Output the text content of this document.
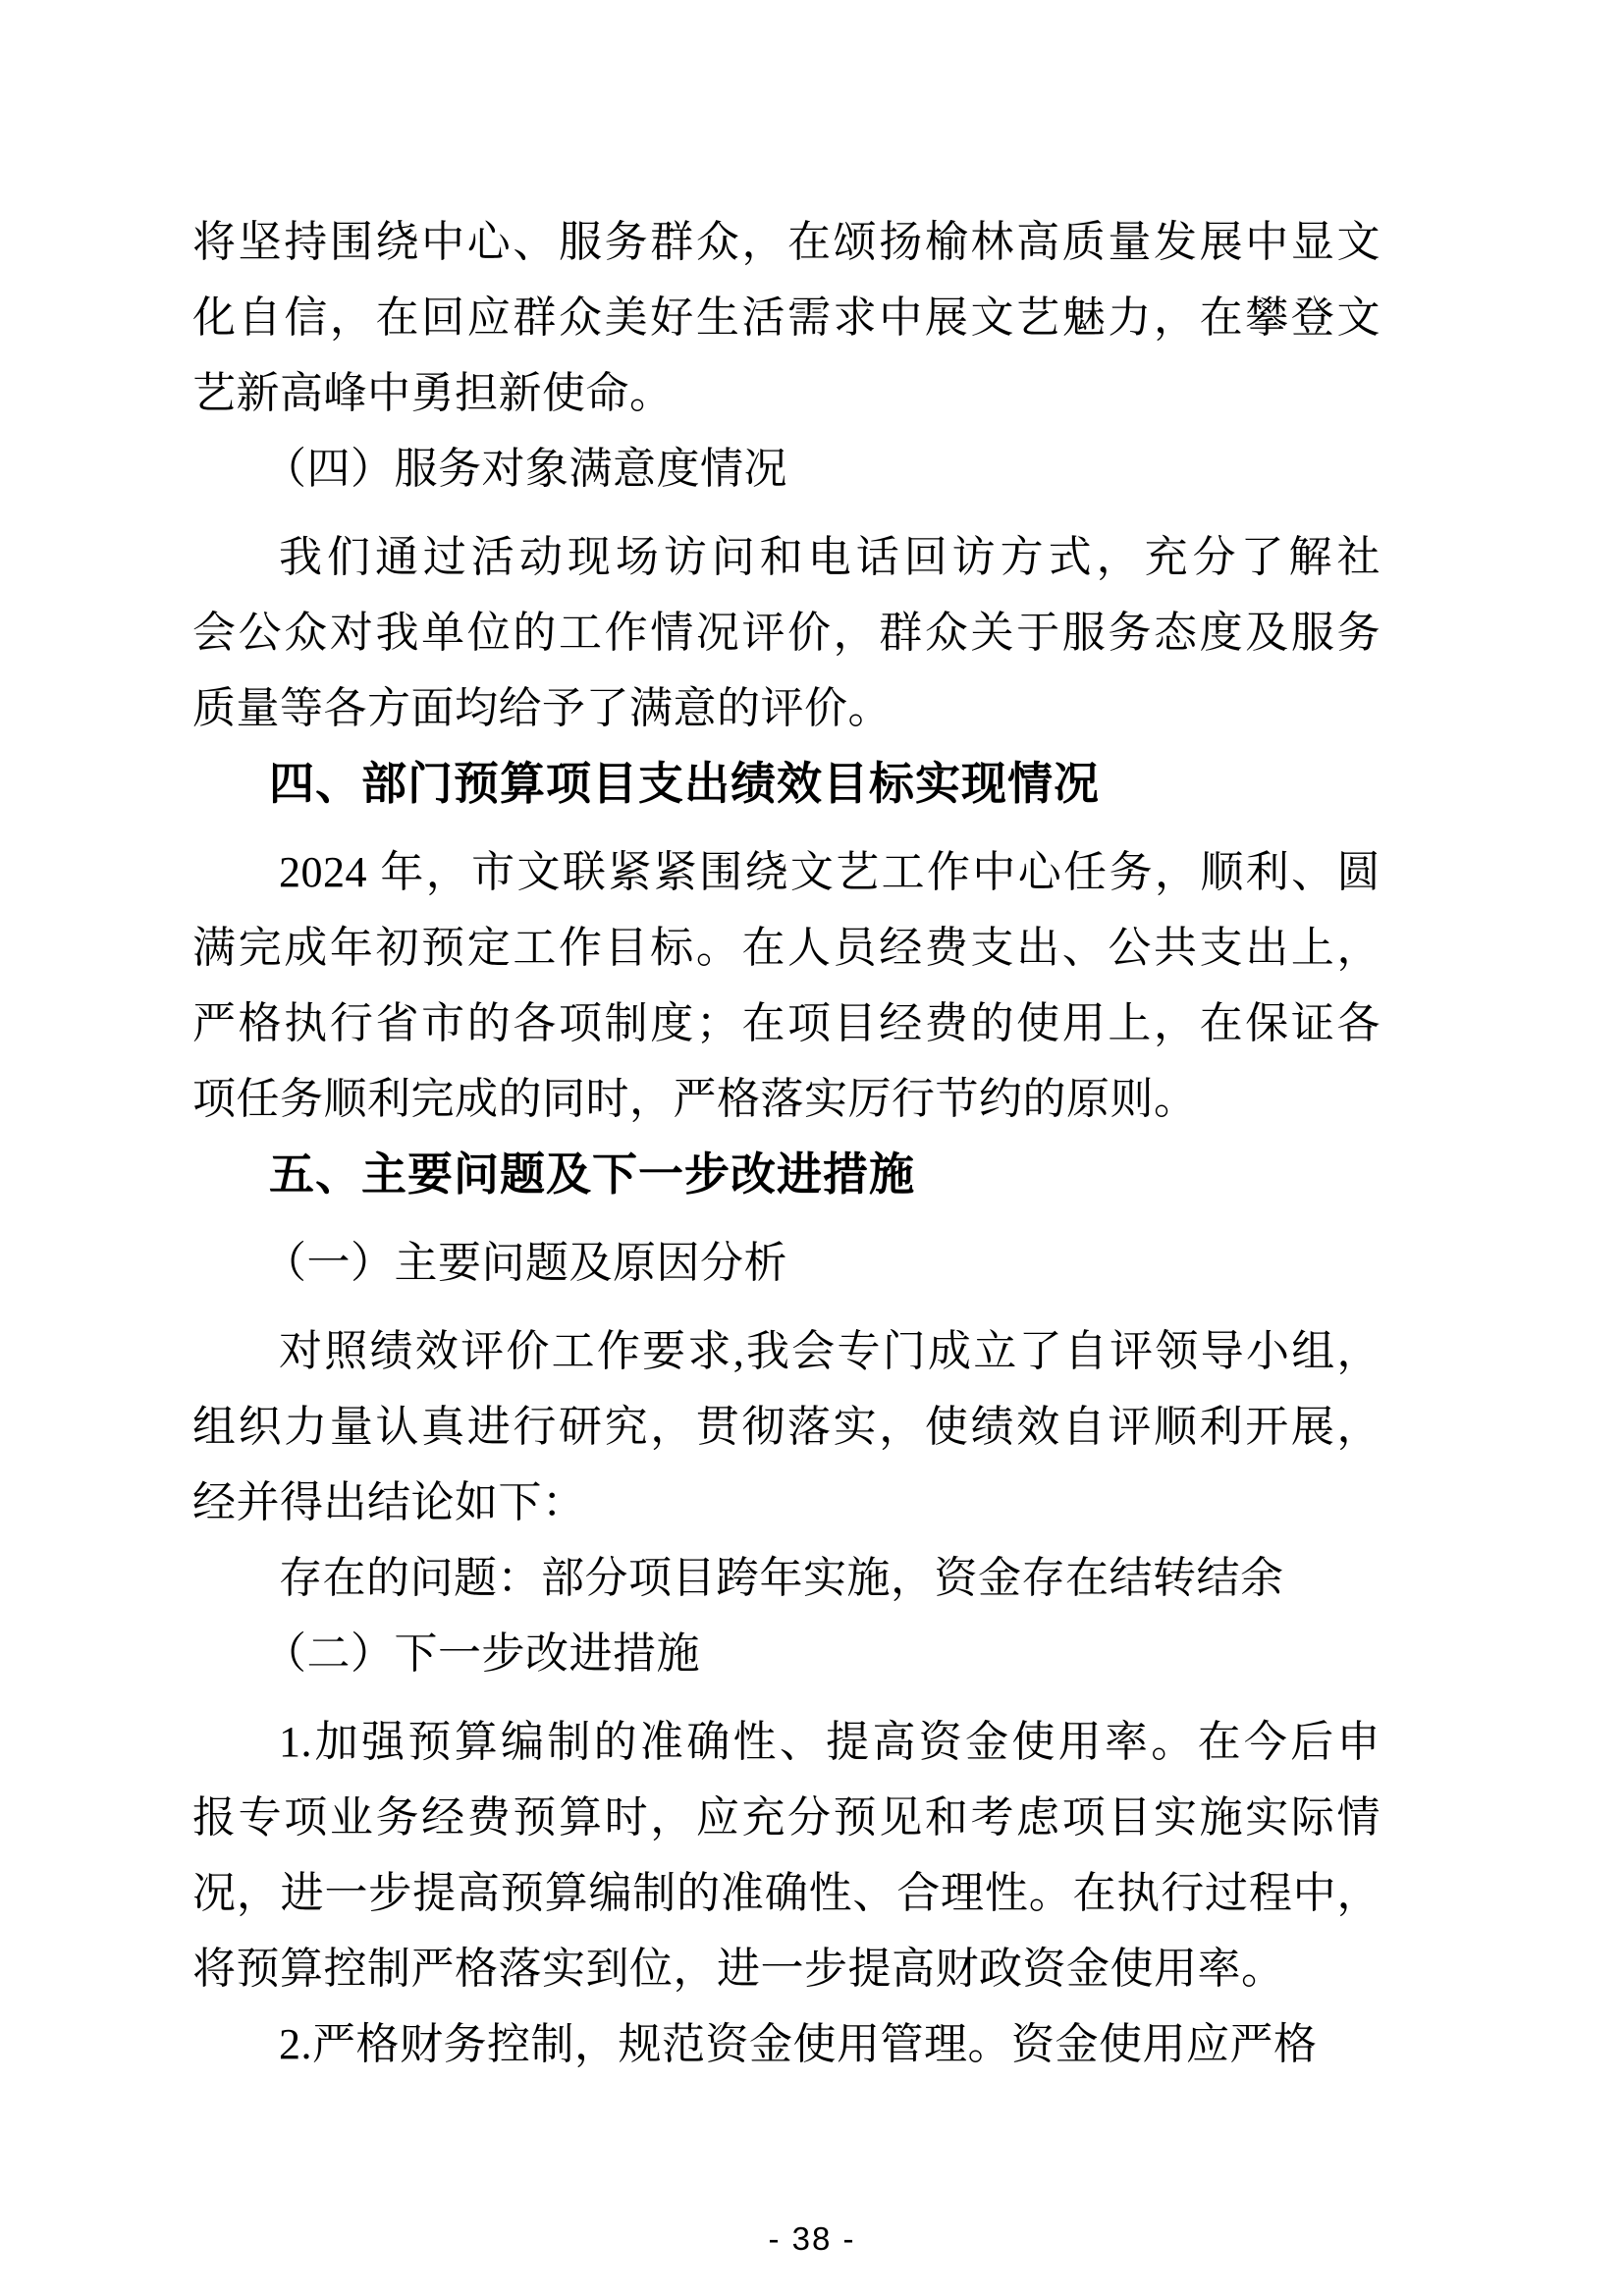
将坚持围绕中心、服务群众，在颂扬榆林高质量发展中显文
化自信，在回应群众美好生活需求中展文艺魅力，在攀登文
艺新高峰中勇担新使命。
（四）服务对象满意度情况
我们通过活动现场访问和电话回访方式，充分了解社
会公众对我单位的工作情况评价，群众关于服务态度及服务
质量等各方面均给予了满意的评价。
四、部门预算项目支出绩效目标实现情况
2024 年，市文联紧紧围绕文艺工作中心任务，顺利、圆
满完成年初预定工作目标。在人员经费支出、公共支出上，
严格执行省市的各项制度；在项目经费的使用上，在保证各
项任务顺利完成的同时，严格落实厉行节约的原则。
五、主要问题及下一步改进措施
（一）主要问题及原因分析
对照绩效评价工作要求,我会专门成立了自评领导小组，
组织力量认真进行研究，贯彻落实，使绩效自评顺利开展，
经并得出结论如下：
存在的问题：部分项目跨年实施，资金存在结转结余
（二）下一步改进措施
1.加强预算编制的准确性、提高资金使用率。在今后申
报专项业务经费预算时，应充分预见和考虑项目实施实际情
况，进一步提高预算编制的准确性、合理性。在执行过程中，
将预算控制严格落实到位，进一步提高财政资金使用率。
2.严格财务控制，规范资金使用管理。资金使用应严格
- 38 -
